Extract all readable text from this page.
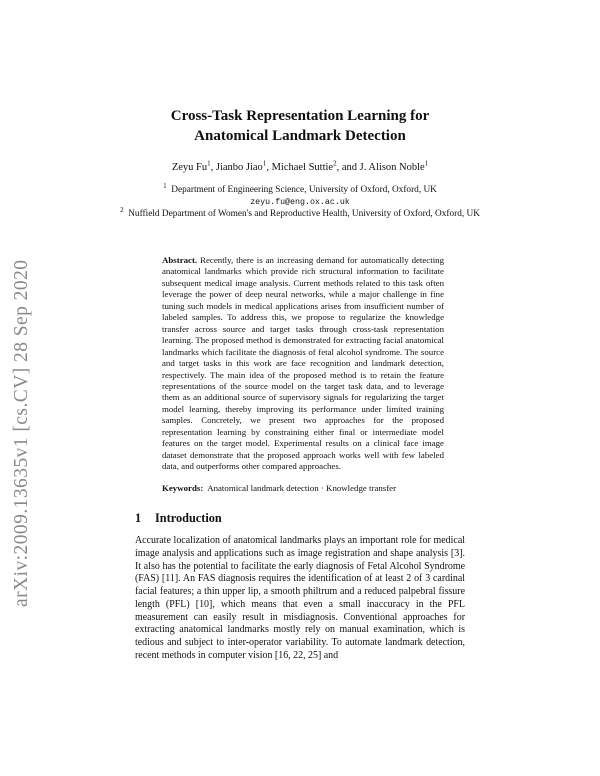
arXiv:2009.13635v1 [cs.CV] 28 Sep 2020
Cross-Task Representation Learning for
Anatomical Landmark Detection
Zeyu Fu$^1$, Jianbo Jiao$^1$, Michael Suttie$^2$, and J. Alison Noble$^1$
$^1$ Department of Engineering Science, University of Oxford, Oxford, UK
zeyu.fu@eng.ox.ac.uk
$^2$ Nuffield Department of Women's and Reproductive Health, University of Oxford, Oxford, UK
Abstract. Recently, there is an increasing demand for automatically detecting anatomical landmarks which provide rich structural information to facilitate subsequent medical image analysis. Current methods related to this task often leverage the power of deep neural networks, while a major challenge in fine tuning such models in medical applications arises from insufficient number of labeled samples. To address this, we propose to regularize the knowledge transfer across source and target tasks through cross-task representation learning. The proposed method is demonstrated for extracting facial anatomical landmarks which facilitate the diagnosis of fetal alcohol syndrome. The source and target tasks in this work are face recognition and landmark detection, respectively. The main idea of the proposed method is to retain the feature representations of the source model on the target task data, and to leverage them as an additional source of supervisory signals for regularizing the target model learning, thereby improving its performance under limited training samples. Concretely, we present two approaches for the proposed representation learning by constraining either final or intermediate model features on the target model. Experimental results on a clinical face image dataset demonstrate that the proposed approach works well with few labeled data, and outperforms other compared approaches.
Keywords: Anatomical landmark detection · Knowledge transfer
1 Introduction
Accurate localization of anatomical landmarks plays an important role for medical image analysis and applications such as image registration and shape analysis [3]. It also has the potential to facilitate the early diagnosis of Fetal Alcohol Syndrome (FAS) [11]. An FAS diagnosis requires the identification of at least 2 of 3 cardinal facial features; a thin upper lip, a smooth philtrum and a reduced palpebral fissure length (PFL) [10], which means that even a small inaccuracy in the PFL measurement can easily result in misdiagnosis. Conventional approaches for extracting anatomical landmarks mostly rely on manual examination, which is tedious and subject to inter-operator variability. To automate landmark detection, recent methods in computer vision [16, 22, 25] and
